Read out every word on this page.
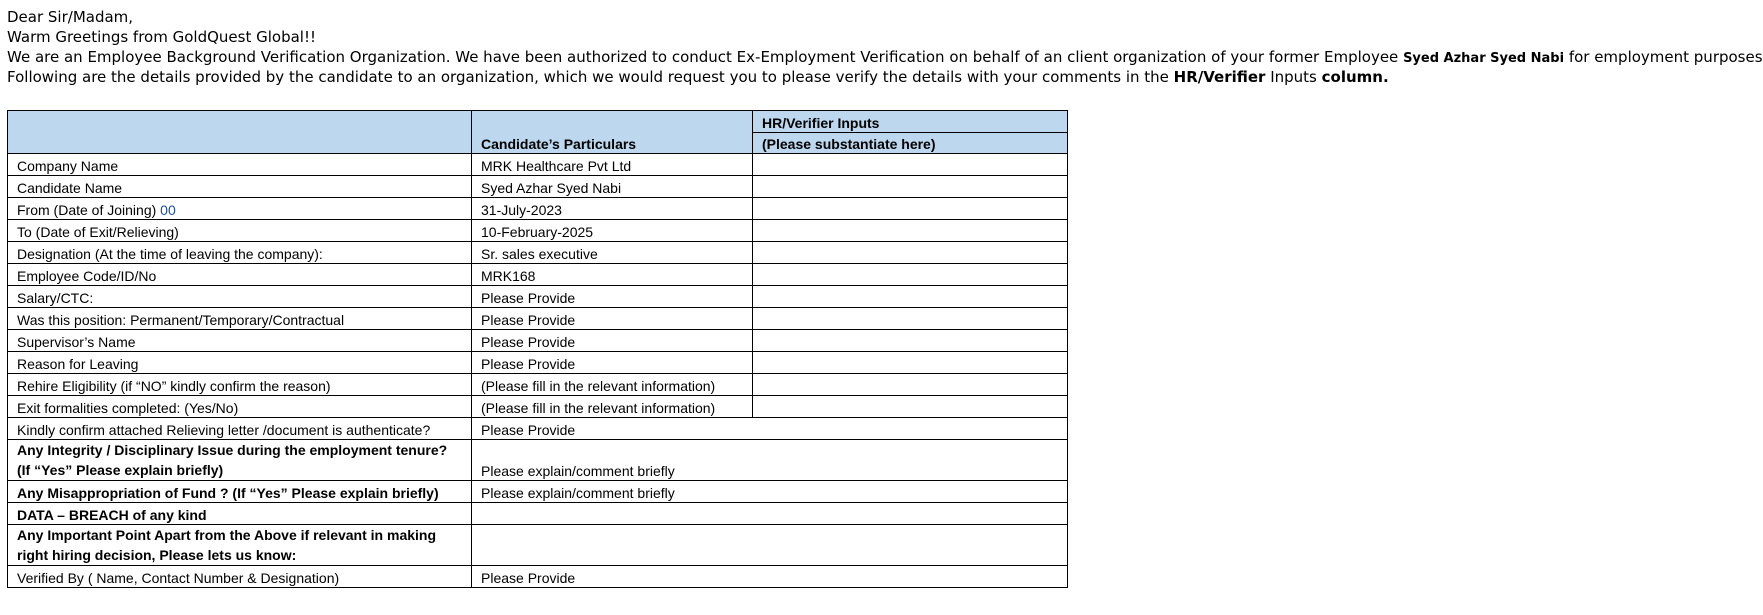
Dear Sir/Madam,
Warm Greetings from GoldQuest Global!!
We are an Employee Background Verification Organization. We have been authorized to conduct Ex-Employment Verification on behalf of an client organization of your former Employee Syed Azhar Syed Nabi for employment purposes
Following are the details provided by the candidate to an organization, which we would request you to please verify the details with your comments in the HR/Verifier Inputs column.
	Candidate’s Particulars	HR/Verifier Inputs
		(Please substantiate here)
Company Name	MRK Healthcare Pvt Ltd	
Candidate Name	Syed Azhar Syed Nabi	
From (Date of Joining) 00	31-July-2023	
To (Date of Exit/Relieving)	10-February-2025	
Designation (At the time of leaving the company):	Sr. sales executive	
Employee Code/ID/No	MRK168	
Salary/CTC:	Please Provide	
Was this position: Permanent/Temporary/Contractual	Please Provide	
Supervisor’s Name	Please Provide	
Reason for Leaving	Please Provide	
Rehire Eligibility (if “NO” kindly confirm the reason)	(Please fill in the relevant information)	
Exit formalities completed: (Yes/No)	(Please fill in the relevant information)	
Kindly confirm attached Relieving letter /document is authenticate?	Please Provide	
Any Integrity / Disciplinary Issue during the employment tenure? (If “Yes” Please explain briefly)	Please explain/comment briefly	
Any Misappropriation of Fund ? (If “Yes” Please explain briefly)	Please explain/comment briefly	
DATA – BREACH of any kind		
Any Important Point Apart from the Above if relevant in making right hiring decision, Please lets us know:		
Verified By ( Name, Contact Number & Designation)	Please Provide	
